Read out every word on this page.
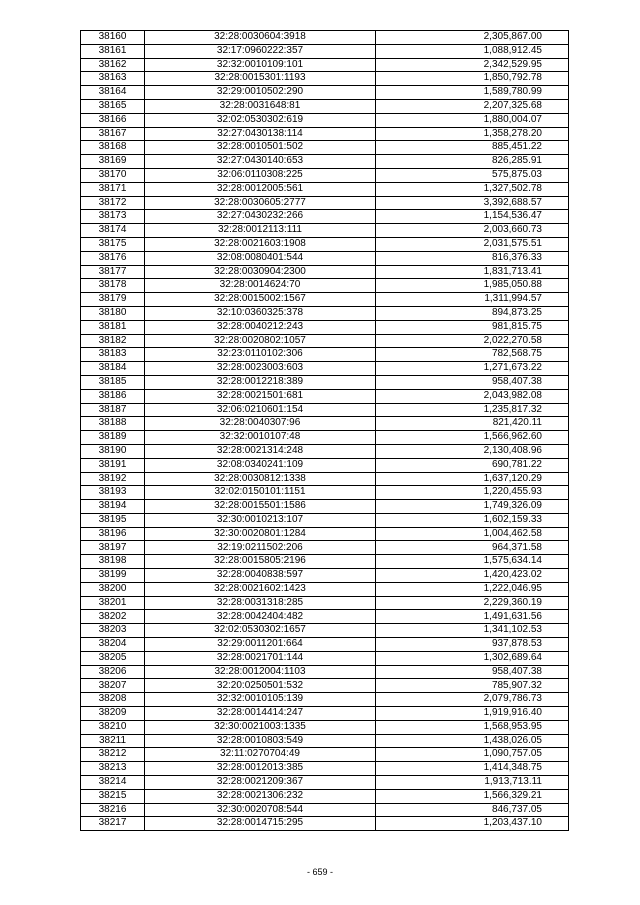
38160	32:28:0030604:3918	2,305,867.00
38161	32:17:0960222:357	1,088,912.45
38162	32:32:0010109:101	2,342,529.95
38163	32:28:0015301:1193	1,850,792.78
38164	32:29:0010502:290	1,589,780.99
38165	32:28:0031648:81	2,207,325.68
38166	32:02:0530302:619	1,880,004.07
38167	32:27:0430138:114	1,358,278.20
38168	32:28:0010501:502	885,451.22
38169	32:27:0430140:653	826,285.91
38170	32:06:0110308:225	575,875.03
38171	32:28:0012005:561	1,327,502.78
38172	32:28:0030605:2777	3,392,688.57
38173	32:27:0430232:266	1,154,536.47
38174	32:28:0012113:111	2,003,660.73
38175	32:28:0021603:1908	2,031,575.51
38176	32:08:0080401:544	816,376.33
38177	32:28:0030904:2300	1,831,713.41
38178	32:28:0014624:70	1,985,050.88
38179	32:28:0015002:1567	1,311,994.57
38180	32:10:0360325:378	894,873.25
38181	32:28:0040212:243	981,815.75
38182	32:28:0020802:1057	2,022,270.58
38183	32:23:0110102:306	782,568.75
38184	32:28:0023003:603	1,271,673.22
38185	32:28:0012218:389	958,407.38
38186	32:28:0021501:681	2,043,982.08
38187	32:06:0210601:154	1,235,817.32
38188	32:28:0040307:96	821,420.11
38189	32:32:0010107:48	1,566,962.60
38190	32:28:0021314:248	2,130,408.96
38191	32:08:0340241:109	690,781.22
38192	32:28:0030812:1338	1,637,120.29
38193	32:02:0150101:1151	1,220,455.93
38194	32:28:0015501:1586	1,749,326.09
38195	32:30:0010213:107	1,602,159.33
38196	32:30:0020801:1284	1,004,462.58
38197	32:19:0211502:206	964,371.58
38198	32:28:0015805:2196	1,575,634.14
38199	32:28:0040838:597	1,420,423.02
38200	32:28:0021602:1423	1,222,046.95
38201	32:28:0031318:285	2,229,360.19
38202	32:28:0042404:482	1,491,631.56
38203	32:02:0530302:1657	1,341,102.53
38204	32:29:0011201:664	937,878.53
38205	32:28:0021701:144	1,302,689.64
38206	32:28:0012004:1103	958,407.38
38207	32:20:0250501:532	785,907.32
38208	32:32:0010105:139	2,079,786.73
38209	32:28:0014414:247	1,919,916.40
38210	32:30:0021003:1335	1,568,953.95
38211	32:28:0010803:549	1,438,026.05
38212	32:11:0270704:49	1,090,757.05
38213	32:28:0012013:385	1,414,348.75
38214	32:28:0021209:367	1,913,713.11
38215	32:28:0021306:232	1,566,329.21
38216	32:30:0020708:544	846,737.05
38217	32:28:0014715:295	1,203,437.10
- 659 -
